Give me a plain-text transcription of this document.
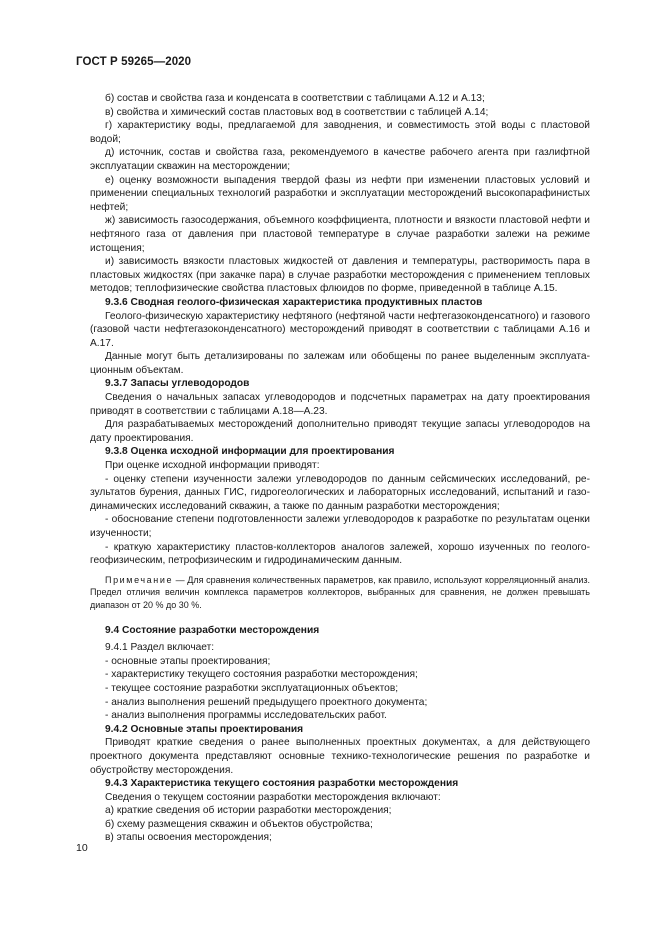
ГОСТ Р 59265—2020

б) состав и свойства газа и конденсата в соответствии с таблицами А.12 и А.13;

в) свойства и химический состав пластовых вод в соответствии с таблицей А.14;

г) характеристику воды, предлагаемой для заводнения, и совместимость этой воды с пластовой водой;

д) источник, состав и свойства газа, рекомендуемого в качестве рабочего агента при газлифтной эксплуатации скважин на месторождении;

е) оценку возможности выпадения твердой фазы из нефти при изменении пластовых условий и применении специальных технологий разработки и эксплуатации месторождений высокопарафинистых нефтей;

ж) зависимость газосодержания, объемного коэффициента, плотности и вязкости пластовой нефти и нефтяного газа от давления при пластовой температуре в случае разработки залежи на режиме истощения;

и) зависимость вязкости пластовых жидкостей от давления и температуры, растворимость пара в пластовых жидкостях (при закачке пара) в случае разработки месторождения с применением тепловых методов; теплофизические свойства пластовых флюидов по форме, приведенной в таблице А.15.

9.3.6 Сводная геолого-физическая характеристика продуктивных пластов

Геолого-физическую характеристику нефтяного (нефтяной части нефтегазоконденсатного) и газового (газовой части нефтегазоконденсатного) месторождений приводят в соответствии с таблицами А.16 и А.17.

Данные могут быть детализированы по залежам или обобщены по ранее выделенным эксплуатационным объектам.

9.3.7 Запасы углеводородов

Сведения о начальных запасах углеводородов и подсчетных параметрах на дату проектирования приводят в соответствии с таблицами А.18—А.23.

Для разрабатываемых месторождений дополнительно приводят текущие запасы углеводородов на дату проектирования.

9.3.8 Оценка исходной информации для проектирования

При оценке исходной информации приводят:

- оценку степени изученности залежи углеводородов по данным сейсмических исследований, результатов бурения, данных ГИС, гидрогеологических и лабораторных исследований, испытаний и газодинамических исследований скважин, а также по данным разработки месторождения;

- обоснование степени подготовленности залежи углеводородов к разработке по результатам оценки изученности;

- краткую характеристику пластов-коллекторов аналогов залежей, хорошо изученных по геологогеофизическим, петрофизическим и гидродинамическим данным.

Примечание — Для сравнения количественных параметров, как правило, используют корреляционный анализ. Предел отличия величин комплекса параметров коллекторов, выбранных для сравнения, не должен превышать диапазон от 20 % до 30 %.

9.4 Состояние разработки месторождения

9.4.1 Раздел включает:

- основные этапы проектирования;

- характеристику текущего состояния разработки месторождения;

- текущее состояние разработки эксплуатационных объектов;

- анализ выполнения решений предыдущего проектного документа;

- анализ выполнения программы исследовательских работ.

9.4.2 Основные этапы проектирования

Приводят краткие сведения о ранее выполненных проектных документах, а для действующего проектного документа представляют основные технико-технологические решения по разработке и обустройству месторождения.

9.4.3 Характеристика текущего состояния разработки месторождения

Сведения о текущем состоянии разработки месторождения включают:

а) краткие сведения об истории разработки месторождения;

б) схему размещения скважин и объектов обустройства;

в) этапы освоения месторождения;

10
